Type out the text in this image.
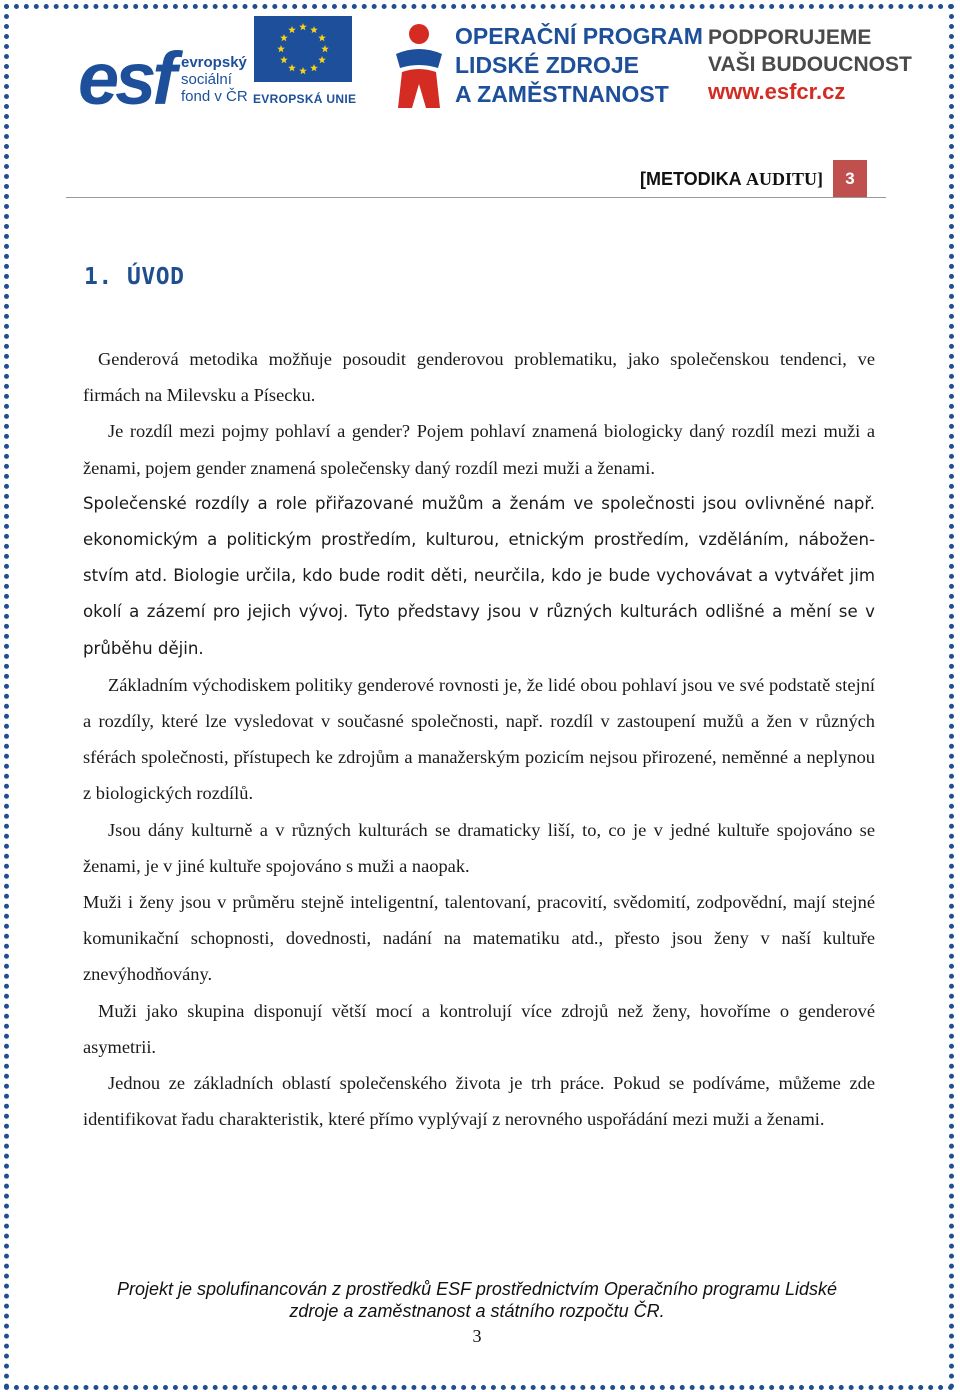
esf evropský
sociální
fond v ČR EVROPSKÁ UNIE
OPERAČNÍ PROGRAM
LIDSKÉ ZDROJE
A ZAMĚSTNANOST
PODPORUJEME
VAŠI BUDOUCNOST
www.esfcr.cz
[METODIKA AUDITU]	3
1. ÚVOD

Genderová metodika možňuje posoudit genderovou problematiku, jako společenskou tendenci, ve firmách na Milevsku a Písecku.

Je rozdíl mezi pojmy pohlaví a gender? Pojem pohlaví znamená biologicky daný rozdíl mezi muži a ženami, pojem gender znamená společensky daný rozdíl mezi muži a ženami.

Společenské rozdíly a role přiřazované mužům a ženám ve společnosti jsou ovlivněné např. ekonomickým a politickým prostředím, kulturou, etnickým prostředím, vzděláním, náboženstvím atd. Biologie určila, kdo bude rodit děti, neurčila, kdo je bude vychovávat a vytvářet jim okolí a zázemí pro jejich vývoj. Tyto představy jsou v různých kulturách odlišné a mění se v průběhu dějin.

Základním východiskem politiky genderové rovnosti je, že lidé obou pohlaví jsou ve své podstatě stejní a rozdíly, které lze vysledovat v současné společnosti, např. rozdíl v zastoupení mužů a žen v různých sférách společnosti, přístupech ke zdrojům a manažerským pozicím nejsou přirozené, neměnné a neplynou z biologických rozdílů.

Jsou dány kulturně a v různých kulturách se dramaticky liší, to, co je v jedné kultuře spojováno se ženami, je v jiné kultuře spojováno s muži a naopak.

Muži i ženy jsou v průměru stejně inteligentní, talentovaní, pracovití, svědomití, zodpovědní, mají stejné komunikační schopnosti, dovednosti, nadání na matematiku atd., přesto jsou ženy v naší kultuře znevýhodňovány.

Muži jako skupina disponují větší mocí a kontrolují více zdrojů než ženy, hovoříme o genderové asymetrii.

Jednou ze základních oblastí společenského života je trh práce. Pokud se podíváme, můžeme zde identifikovat řadu charakteristik, které přímo vyplývají z nerovného uspořádání mezi muži a ženami.

Projekt je spolufinancován z prostředků ESF prostřednictvím Operačního programu Lidské
zdroje a zaměstnanost a státního rozpočtu ČR.
3
